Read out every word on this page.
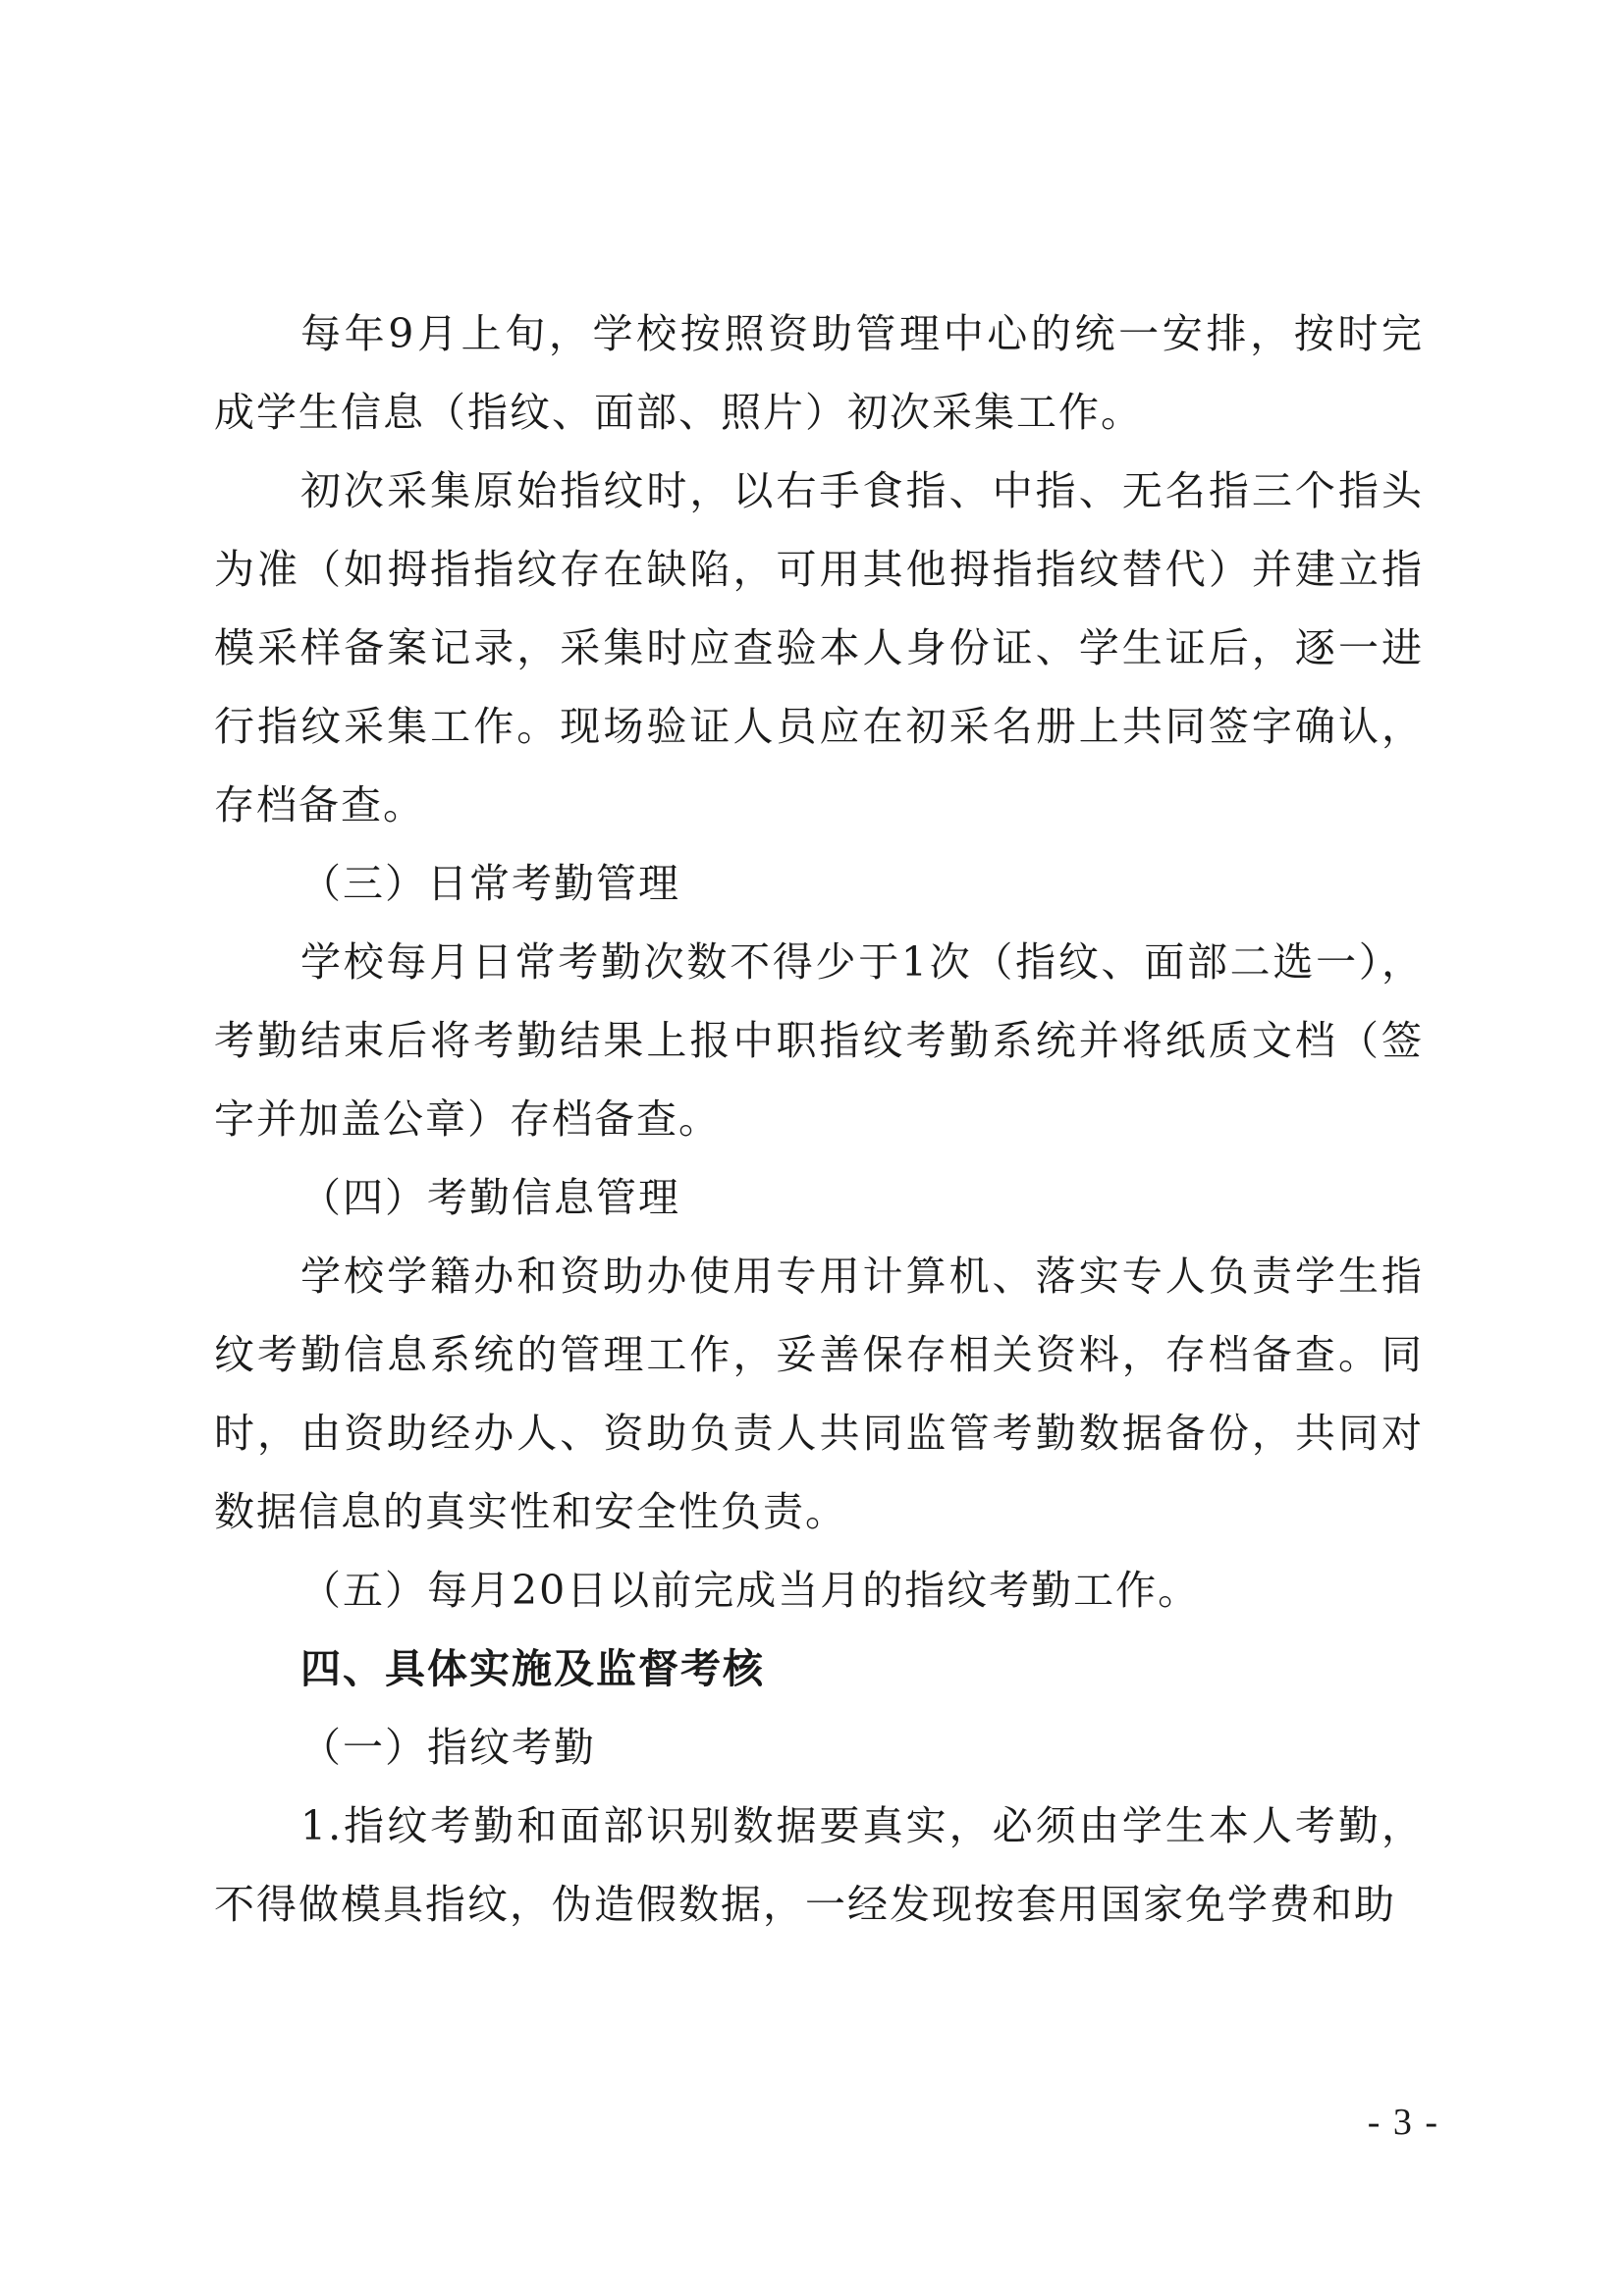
每年9月上旬，学校按照资助管理中心的统一安排，按时完成学生信息（指纹、面部、照片）初次采集工作。

初次采集原始指纹时，以右手食指、中指、无名指三个指头为准（如拇指指纹存在缺陷，可用其他拇指指纹替代）并建立指模采样备案记录，采集时应查验本人身份证、学生证后，逐一进行指纹采集工作。现场验证人员应在初采名册上共同签字确认，存档备查。

（三）日常考勤管理

学校每月日常考勤次数不得少于1次（指纹、面部二选一），考勤结束后将考勤结果上报中职指纹考勤系统并将纸质文档（签字并加盖公章）存档备查。

（四）考勤信息管理

学校学籍办和资助办使用专用计算机、落实专人负责学生指纹考勤信息系统的管理工作，妥善保存相关资料，存档备查。同时，由资助经办人、资助负责人共同监管考勤数据备份，共同对数据信息的真实性和安全性负责。

（五）每月20日以前完成当月的指纹考勤工作。

四、具体实施及监督考核

（一）指纹考勤

1.指纹考勤和面部识别数据要真实，必须由学生本人考勤，不得做模具指纹，伪造假数据，一经发现按套用国家免学费和助

- 3 -
